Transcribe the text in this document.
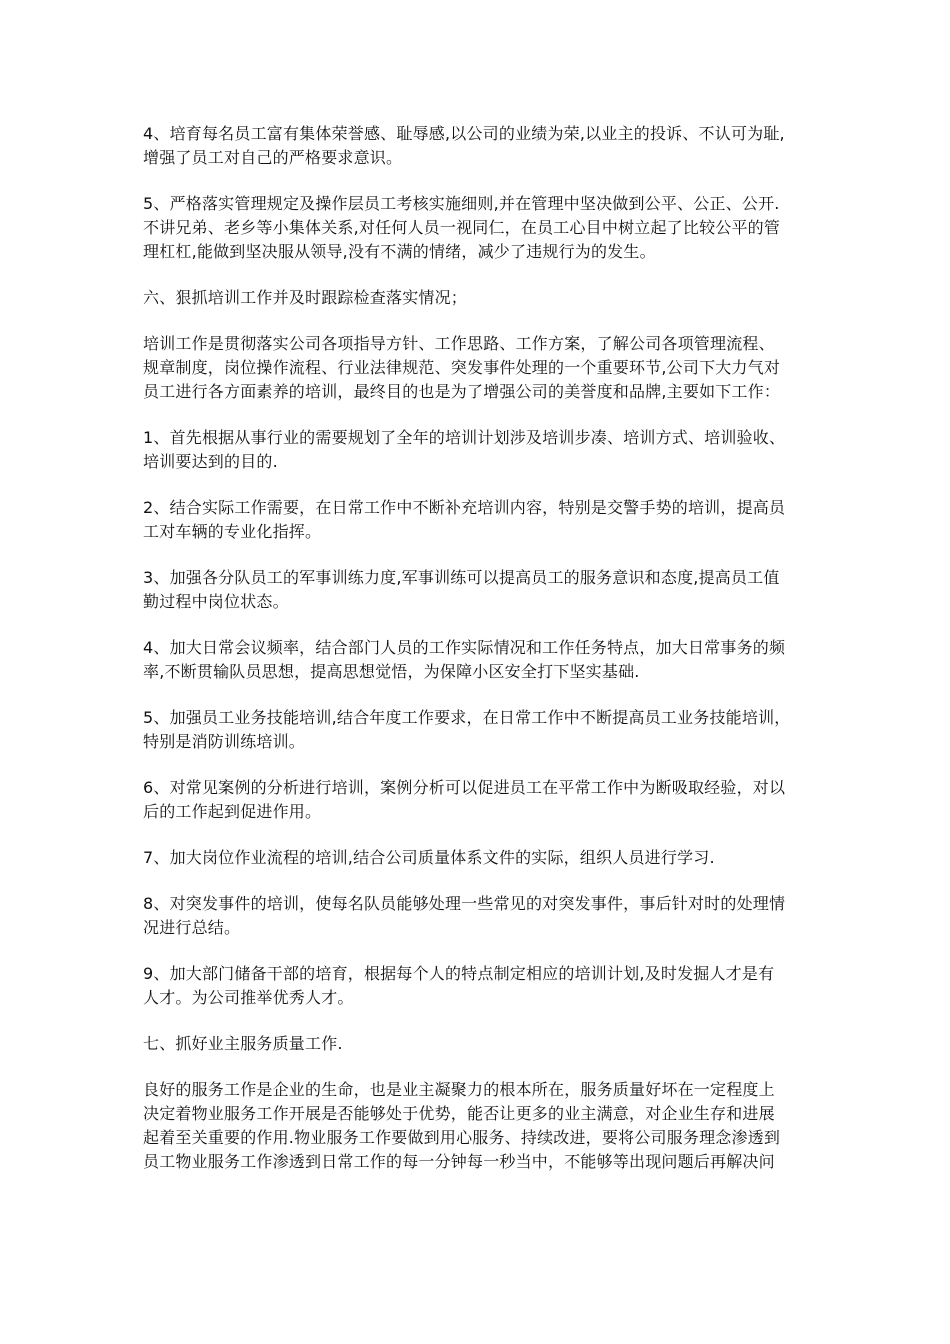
4、培育每名员工富有集体荣誉感、耻辱感,以公司的业绩为荣,以业主的投诉、不认可为耻,
增强了员工对自己的严格要求意识。
5、严格落实管理规定及操作层员工考核实施细则,并在管理中坚决做到公平、公正、公开.
不讲兄弟、老乡等小集体关系,对任何人员一视同仁，在员工心目中树立起了比较公平的管
理杠杠,能做到坚决服从领导,没有不满的情绪，减少了违规行为的发生。
六、狠抓培训工作并及时跟踪检查落实情况；
培训工作是贯彻落实公司各项指导方针、工作思路、工作方案，了解公司各项管理流程、
规章制度，岗位操作流程、行业法律规范、突发事件处理的一个重要环节,公司下大力气对
员工进行各方面素养的培训，最终目的也是为了增强公司的美誉度和品牌,主要如下工作：
1、首先根据从事行业的需要规划了全年的培训计划涉及培训步凑、培训方式、培训验收、
培训要达到的目的.
2、结合实际工作需要，在日常工作中不断补充培训内容，特别是交警手势的培训，提高员
工对车辆的专业化指挥。
3、加强各分队员工的军事训练力度,军事训练可以提高员工的服务意识和态度,提高员工值
勤过程中岗位状态。
4、加大日常会议频率，结合部门人员的工作实际情况和工作任务特点，加大日常事务的频
率,不断贯输队员思想，提高思想觉悟，为保障小区安全打下坚实基础.
5、加强员工业务技能培训,结合年度工作要求，在日常工作中不断提高员工业务技能培训，
特别是消防训练培训。
6、对常见案例的分析进行培训，案例分析可以促进员工在平常工作中为断吸取经验，对以
后的工作起到促进作用。
7、加大岗位作业流程的培训,结合公司质量体系文件的实际，组织人员进行学习.
8、对突发事件的培训，使每名队员能够处理一些常见的对突发事件，事后针对时的处理情
况进行总结。
9、加大部门储备干部的培育，根据每个人的特点制定相应的培训计划,及时发掘人才是有
人才。为公司推举优秀人才。
七、抓好业主服务质量工作.
良好的服务工作是企业的生命，也是业主凝聚力的根本所在，服务质量好坏在一定程度上
决定着物业服务工作开展是否能够处于优势，能否让更多的业主满意，对企业生存和进展
起着至关重要的作用.物业服务工作要做到用心服务、持续改进，要将公司服务理念渗透到
员工物业服务工作渗透到日常工作的每一分钟每一秒当中，不能够等出现问题后再解决问
